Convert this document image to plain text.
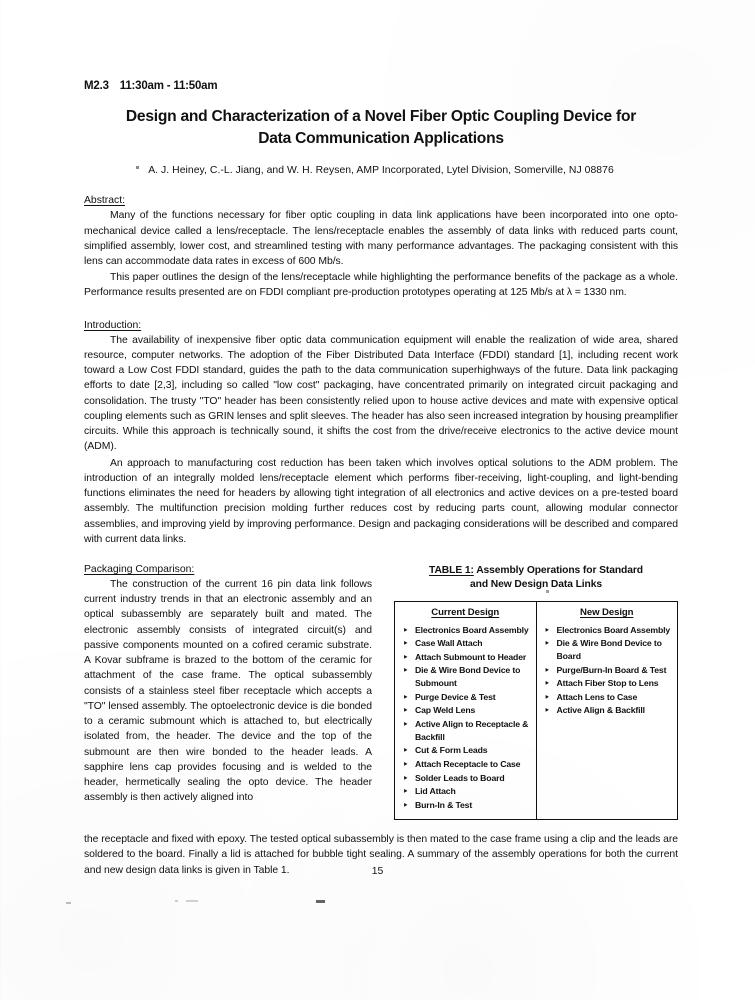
M2.3 11:30am - 11:50am
Design and Characterization of a Novel Fiber Optic Coupling Device for
Data Communication Applications
A. J. Heiney, C.-L. Jiang, and W. H. Reysen, AMP Incorporated, Lytel Division, Somerville, NJ 08876
Abstract:

Many of the functions necessary for fiber optic coupling in data link applications have been incorporated into one opto-mechanical device called a lens/receptacle. The lens/receptacle enables the assembly of data links with reduced parts count, simplified assembly, lower cost, and streamlined testing with many performance advantages. The packaging consistent with this lens can accommodate data rates in excess of 600 Mb/s.

This paper outlines the design of the lens/receptacle while highlighting the performance benefits of the package as a whole. Performance results presented are on FDDI compliant pre-production prototypes operating at 125 Mb/s at λ = 1330 nm.

Introduction:

The availability of inexpensive fiber optic data communication equipment will enable the realization of wide area, shared resource, computer networks. The adoption of the Fiber Distributed Data Interface (FDDI) standard [1], including recent work toward a Low Cost FDDI standard, guides the path to the data communication superhighways of the future. Data link packaging efforts to date [2,3], including so called "low cost" packaging, have concentrated primarily on integrated circuit packaging and consolidation. The trusty "TO" header has been consistently relied upon to house active devices and mate with expensive optical coupling elements such as GRIN lenses and split sleeves. The header has also seen increased integration by housing preamplifier circuits. While this approach is technically sound, it shifts the cost from the drive/receive electronics to the active device mount (ADM).

An approach to manufacturing cost reduction has been taken which involves optical solutions to the ADM problem. The introduction of an integrally molded lens/receptacle element which performs fiber-receiving, light-coupling, and light-bending functions eliminates the need for headers by allowing tight integration of all electronics and active devices on a pre-tested board assembly. The multifunction precision molding further reduces cost by reducing parts count, allowing modular connector assemblies, and improving yield by improving performance. Design and packaging considerations will be described and compared with current data links.

Packaging Comparison:

The construction of the current 16 pin data link follows current industry trends in that an electronic assembly and an optical subassembly are separately built and mated. The electronic assembly consists of integrated circuit(s) and passive components mounted on a cofired ceramic substrate. A Kovar subframe is brazed to the bottom of the ceramic for attachment of the case frame. The optical subassembly consists of a stainless steel fiber receptacle which accepts a "TO" lensed assembly. The optoelectronic device is die bonded to a ceramic submount which is attached to, but electrically isolated from, the header. The device and the top of the submount are then wire bonded to the header leads. A sapphire lens cap provides focusing and is welded to the header, hermetically sealing the opto device. The header assembly is then actively aligned into

TABLE 1: Assembly Operations for Standard
and New Design Data Links
Current Design
‣ Electronics Board Assembly
‣ Case Wall Attach
‣ Attach Submount to Header
‣ Die & Wire Bond Device to Submount
‣ Purge Device & Test
‣ Cap Weld Lens
‣ Active Align to Receptacle & Backfill
‣ Cut & Form Leads
‣ Attach Receptacle to Case
‣ Solder Leads to Board
‣ Lid Attach
‣ Burn-In & Test

New Design
‣ Electronics Board Assembly
‣ Die & Wire Bond Device to Board
‣ Purge/Burn-In Board & Test
‣ Attach Fiber Stop to Lens
‣ Attach Lens to Case
‣ Active Align & Backfill

the receptacle and fixed with epoxy. The tested optical subassembly is then mated to the case frame using a clip and the leads are soldered to the board. Finally a lid is attached for bubble tight sealing. A summary of the assembly operations for both the current and new design data links is given in Table 1.	15
